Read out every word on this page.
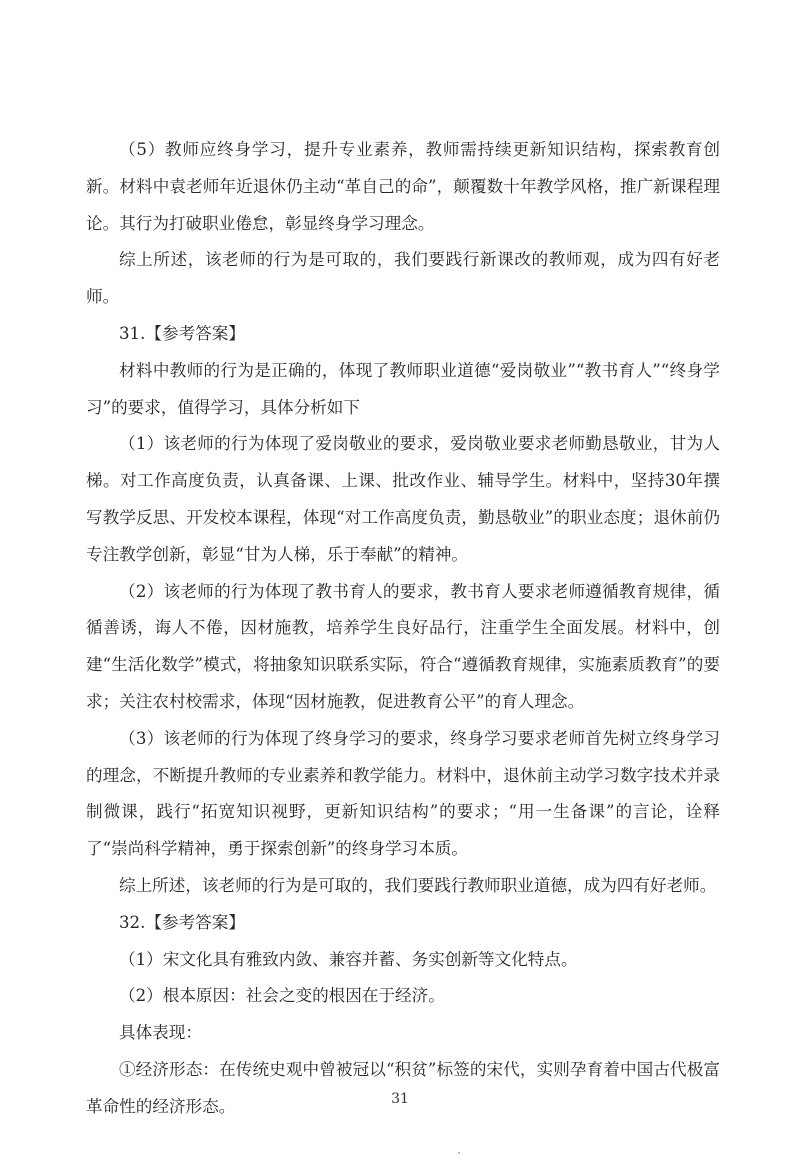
（5）教师应终身学习，提升专业素养，教师需持续更新知识结构，探索教育创新。材料中袁老师年近退休仍主动“革自己的命”，颠覆数十年教学风格，推广新课程理论。其行为打破职业倦怠，彰显终身学习理念。

综上所述，该老师的行为是可取的，我们要践行新课改的教师观，成为四有好老师。

31.【参考答案】

材料中教师的行为是正确的，体现了教师职业道德“爱岗敬业”“教书育人”“终身学习”的要求，值得学习，具体分析如下

（1）该老师的行为体现了爱岗敬业的要求，爱岗敬业要求老师勤恳敬业，甘为人梯。对工作高度负责，认真备课、上课、批改作业、辅导学生。材料中，坚持30年撰写教学反思、开发校本课程，体现“对工作高度负责，勤恳敬业”的职业态度；退休前仍专注教学创新，彰显“甘为人梯，乐于奉献”的精神。

（2）该老师的行为体现了教书育人的要求，教书育人要求老师遵循教育规律，循循善诱，诲人不倦，因材施教，培养学生良好品行，注重学生全面发展。材料中，创建“生活化数学”模式，将抽象知识联系实际，符合“遵循教育规律，实施素质教育”的要求；关注农村校需求，体现“因材施教，促进教育公平”的育人理念。

（3）该老师的行为体现了终身学习的要求，终身学习要求老师首先树立终身学习的理念，不断提升教师的专业素养和教学能力。材料中，退休前主动学习数字技术并录制微课，践行“拓宽知识视野，更新知识结构”的要求；“用一生备课”的言论，诠释了“崇尚科学精神，勇于探索创新”的终身学习本质。

综上所述，该老师的行为是可取的，我们要践行教师职业道德，成为四有好老师。

32.【参考答案】

（1）宋文化具有雅致内敛、兼容并蓄、务实创新等文化特点。

（2）根本原因：社会之变的根因在于经济。

具体表现：

①经济形态：在传统史观中曾被冠以“积贫”标签的宋代，实则孕育着中国古代极富革命性的经济形态。	31
